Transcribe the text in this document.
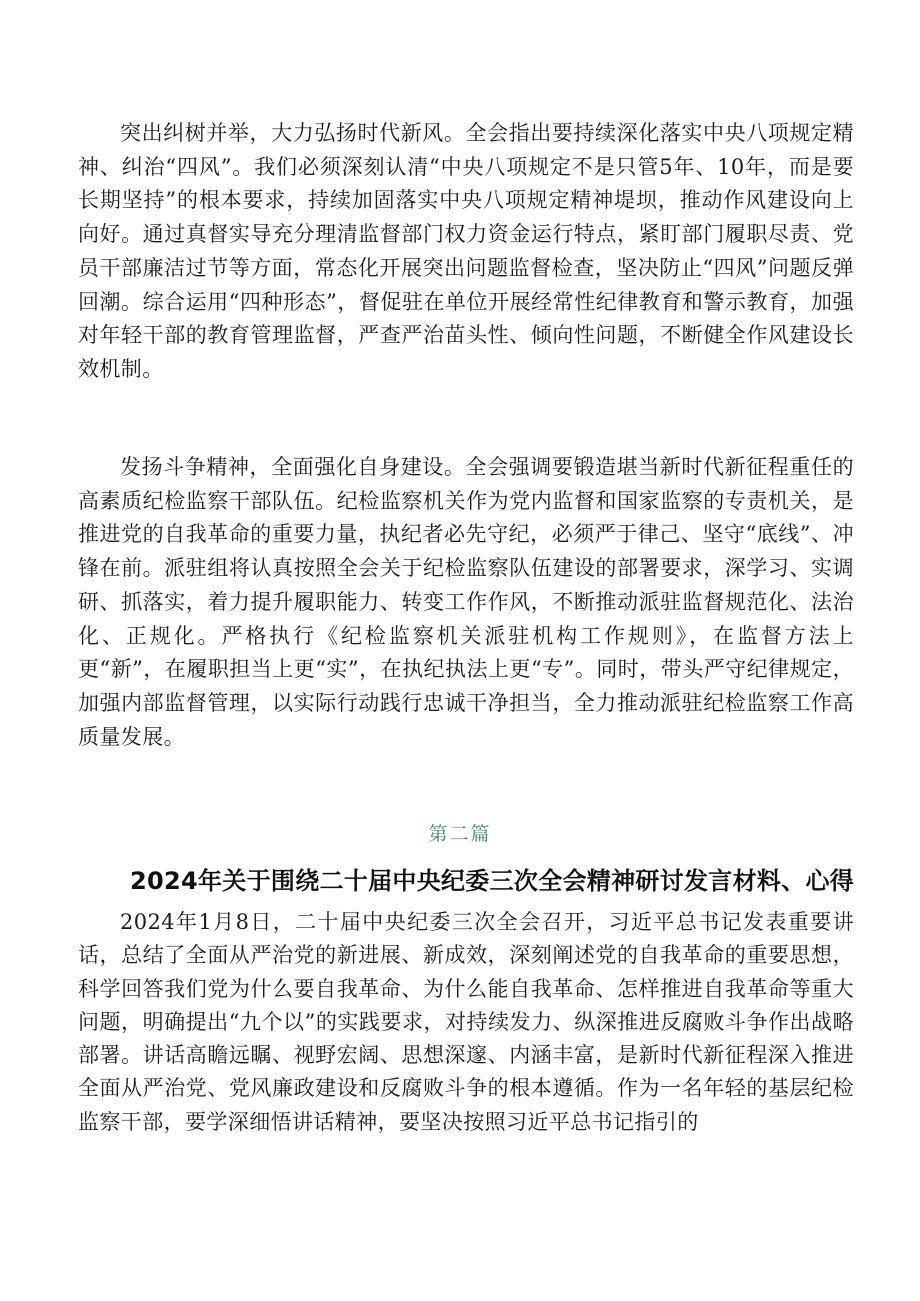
突出纠树并举，大力弘扬时代新风。全会指出要持续深化落实中央八项规定精神、纠治“四风”。我们必须深刻认清“中央八项规定不是只管5年、10年，而是要长期坚持”的根本要求，持续加固落实中央八项规定精神堤坝，推动作风建设向上向好。通过真督实导充分理清监督部门权力资金运行特点，紧盯部门履职尽责、党员干部廉洁过节等方面，常态化开展突出问题监督检查，坚决防止“四风”问题反弹回潮。综合运用“四种形态”，督促驻在单位开展经常性纪律教育和警示教育，加强对年轻干部的教育管理监督，严查严治苗头性、倾向性问题，不断健全作风建设长效机制。

发扬斗争精神，全面强化自身建设。全会强调要锻造堪当新时代新征程重任的高素质纪检监察干部队伍。纪检监察机关作为党内监督和国家监察的专责机关，是推进党的自我革命的重要力量，执纪者必先守纪，必须严于律己、坚守“底线”、冲锋在前。派驻组将认真按照全会关于纪检监察队伍建设的部署要求，深学习、实调研、抓落实，着力提升履职能力、转变工作作风，不断推动派驻监督规范化、法治化、正规化。严格执行《纪检监察机关派驻机构工作规则》，在监督方法上更“新”，在履职担当上更“实”，在执纪执法上更“专”。同时，带头严守纪律规定，加强内部监督管理，以实际行动践行忠诚干净担当，全力推动派驻纪检监察工作高质量发展。

第二篇

2024年关于围绕二十届中央纪委三次全会精神研讨发言材料、心得

2024年1月8日，二十届中央纪委三次全会召开，习近平总书记发表重要讲话，总结了全面从严治党的新进展、新成效，深刻阐述党的自我革命的重要思想，科学回答我们党为什么要自我革命、为什么能自我革命、怎样推进自我革命等重大问题，明确提出“九个以”的实践要求，对持续发力、纵深推进反腐败斗争作出战略部署。讲话高瞻远瞩、视野宏阔、思想深邃、内涵丰富，是新时代新征程深入推进全面从严治党、党风廉政建设和反腐败斗争的根本遵循。作为一名年轻的基层纪检监察干部，要学深细悟讲话精神，要坚决按照习近平总书记指引的
